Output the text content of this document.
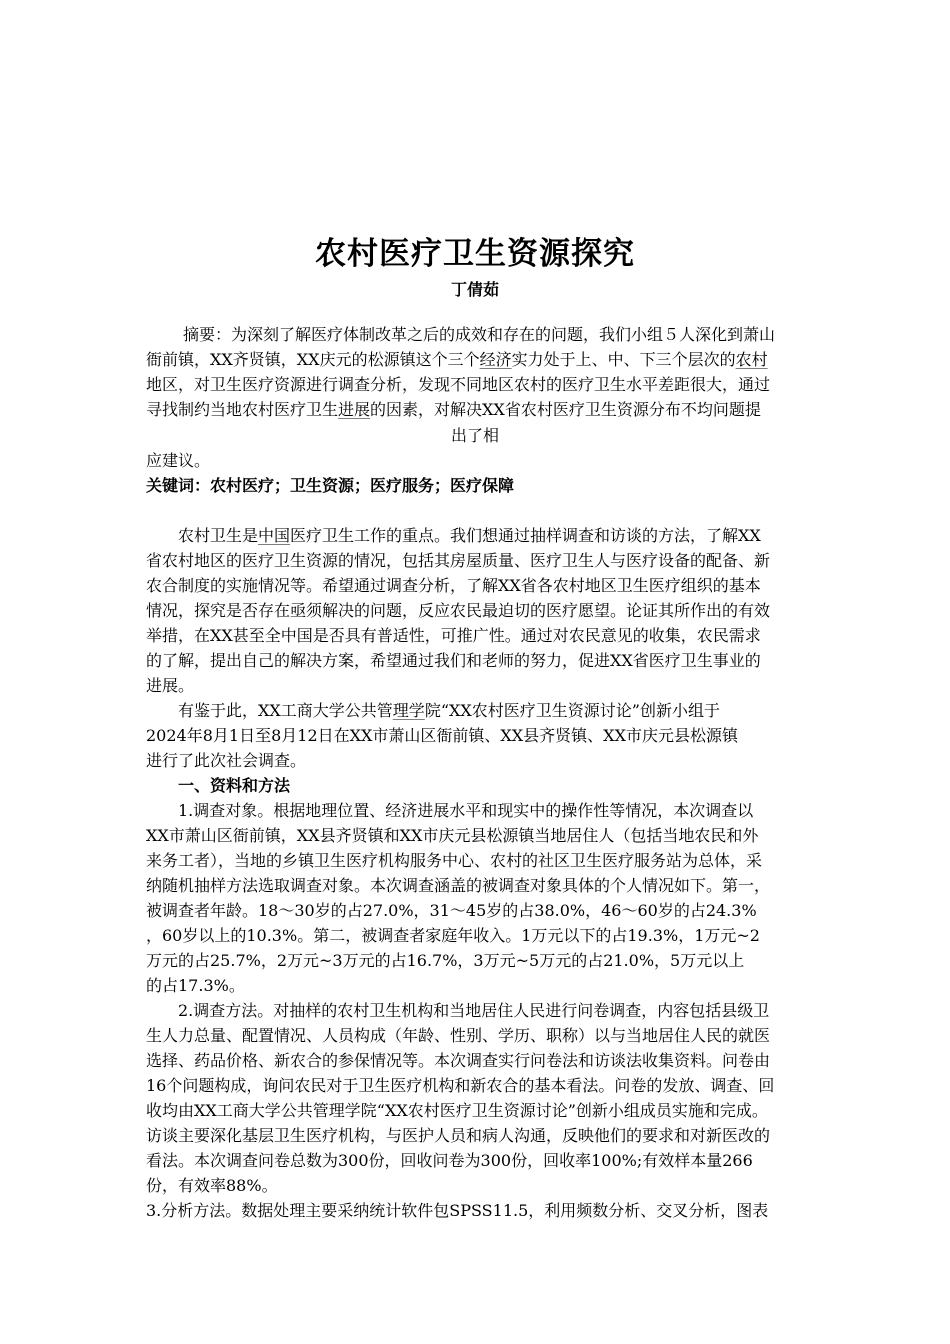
农村医疗卫生资源探究
丁倩茹
摘要：为深刻了解医疗体制改革之后的成效和存在的问题，我们小组５人深化到萧山
衙前镇，XX齐贤镇，XX庆元的松源镇这个三个经济实力处于上、中、下三个层次的农村
地区，对卫生医疗资源进行调查分析，发现不同地区农村的医疗卫生水平差距很大，通过
寻找制约当地农村医疗卫生进展的因素，对解决XX省农村医疗卫生资源分布不均问题提
出了相
应建议。
关键词：农村医疗；卫生资源；医疗服务；医疗保障
农村卫生是中国医疗卫生工作的重点。我们想通过抽样调查和访谈的方法，了解XX
省农村地区的医疗卫生资源的情况，包括其房屋质量、医疗卫生人与医疗设备的配备、新
农合制度的实施情况等。希望通过调查分析，了解XX省各农村地区卫生医疗组织的基本
情况，探究是否存在亟须解决的问题，反应农民最迫切的医疗愿望。论证其所作出的有效
举措，在XX甚至全中国是否具有普适性，可推广性。通过对农民意见的收集，农民需求
的了解，提出自己的解决方案，希望通过我们和老师的努力，促进XX省医疗卫生事业的
进展。
有鉴于此，XX工商大学公共管理学院“XX农村医疗卫生资源讨论”创新小组于
2024年8月1日至8月12日在XX市萧山区衙前镇、XX县齐贤镇、XX市庆元县松源镇
进行了此次社会调查。
一、资料和方法
1.调查对象。根据地理位置、经济进展水平和现实中的操作性等情况，本次调查以
XX市萧山区衙前镇，XX县齐贤镇和XX市庆元县松源镇当地居住人（包括当地农民和外
来务工者），当地的乡镇卫生医疗机构服务中心、农村的社区卫生医疗服务站为总体，采
纳随机抽样方法选取调查对象。本次调查涵盖的被调查对象具体的个人情况如下。第一，
被调查者年龄。18～30岁的占27.0%，31～45岁的占38.0%，46～60岁的占24.3%
，60岁以上的10.3%。第二，被调查者家庭年收入。1万元以下的占19.3%，1万元~2
万元的占25.7%，2万元~3万元的占16.7%，3万元~5万元的占21.0%，5万元以上
的占17.3%。
2.调查方法。对抽样的农村卫生机构和当地居住人民进行问卷调查，内容包括县级卫
生人力总量、配置情况、人员构成（年龄、性别、学历、职称）以与当地居住人民的就医
选择、药品价格、新农合的参保情况等。本次调查实行问卷法和访谈法收集资料。问卷由
16个问题构成，询问农民对于卫生医疗机构和新农合的基本看法。问卷的发放、调查、回
收均由XX工商大学公共管理学院“XX农村医疗卫生资源讨论”创新小组成员实施和完成。
访谈主要深化基层卫生医疗机构，与医护人员和病人沟通，反映他们的要求和对新医改的
看法。本次调查问卷总数为300份，回收问卷为300份，回收率100%;有效样本量266
份，有效率88%。
3.分析方法。数据处理主要采纳统计软件包SPSS11.5，利用频数分析、交叉分析，图表
